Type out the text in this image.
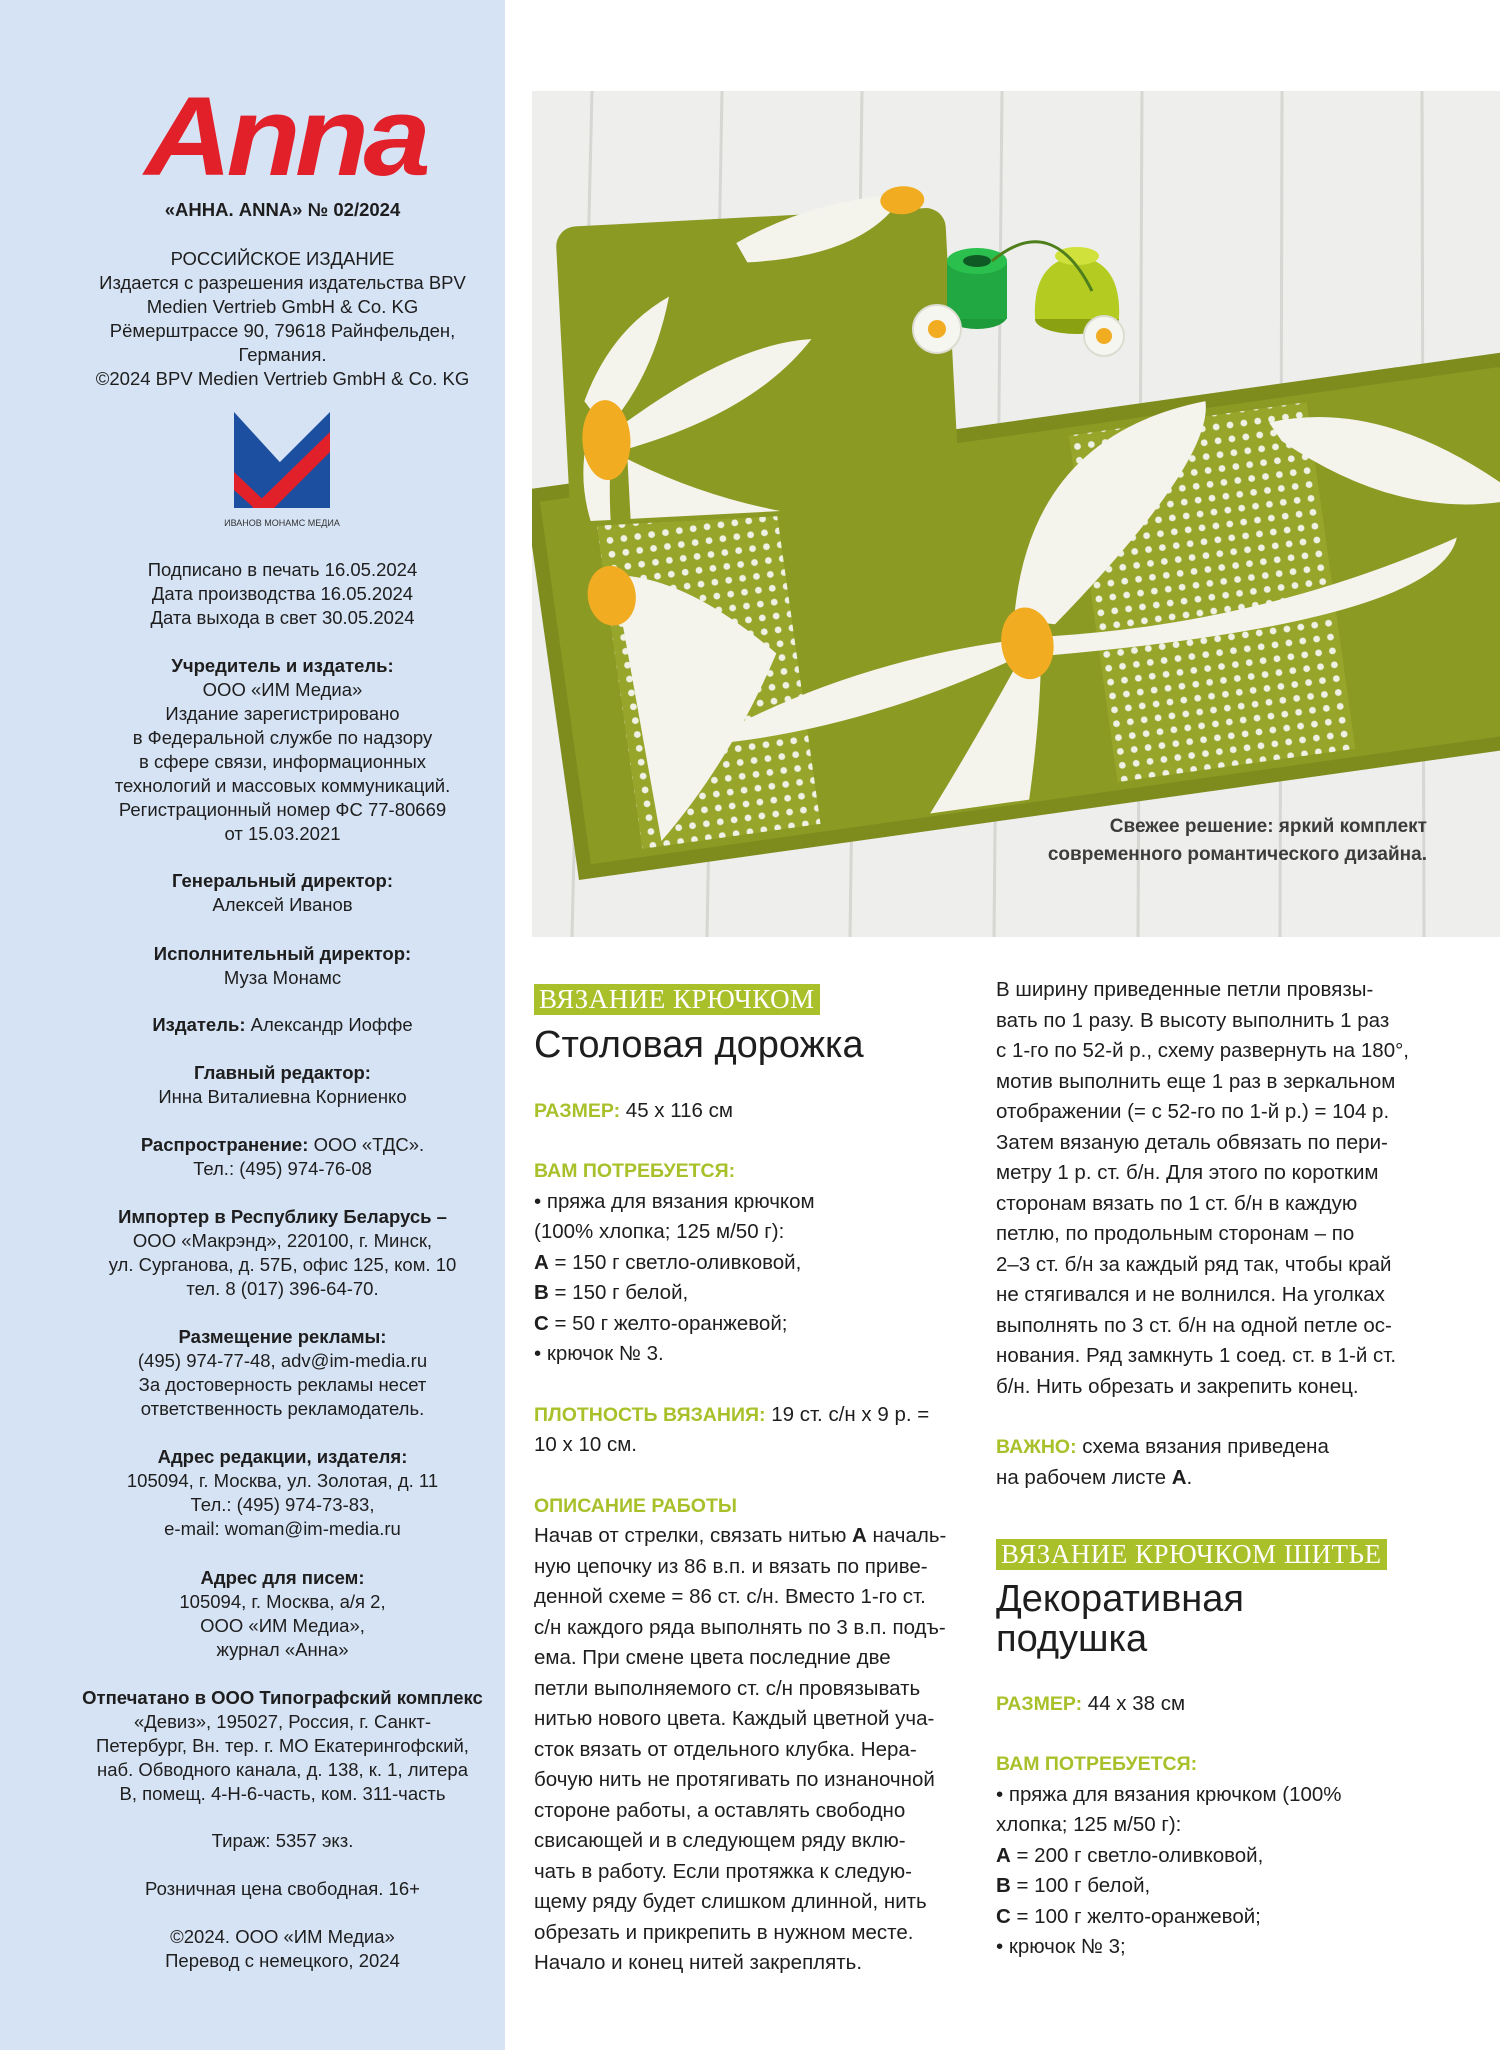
Anna

«АННА. ANNA» № 02/2024

РОССИЙСКОЕ ИЗДАНИЕ

Издается с разрешения издательства BPV

Medien Vertrieb GmbH & Co. KG

Рёмерштрассе 90, 79618 Райнфельден,

Германия.

©2024 BPV Medien Vertrieb GmbH & Co. KG

ИВАНОВ МОНАМС МЕДИА

Подписано в печать 16.05.2024

Дата производства 16.05.2024

Дата выхода в свет 30.05.2024

Учредитель и издатель:

ООО «ИМ Медиа»

Издание зарегистрировано

в Федеральной службе по надзору

в сфере связи, информационных

технологий и массовых коммуникаций.

Регистрационный номер ФС 77-80669

от 15.03.2021

Генеральный директор:

Алексей Иванов

Исполнительный директор:

Муза Монамс

Издатель: Александр Иоффе

Главный редактор:

Инна Виталиевна Корниенко

Распространение: ООО «ТДС».

Тел.: (495) 974-76-08

Импортер в Республику Беларусь –

ООО «Макрэнд», 220100, г. Минск,

ул. Сурганова, д. 57Б, офис 125, ком. 10

тел. 8 (017) 396-64-70.

Размещение рекламы:

(495) 974-77-48, adv@im-media.ru

За достоверность рекламы несет

ответственность рекламодатель.

Адрес редакции, издателя:

105094, г. Москва, ул. Золотая, д. 11

Тел.: (495) 974-73-83,

e-mail: woman@im-media.ru

Адрес для писем:

105094, г. Москва, а/я 2,

ООО «ИМ Медиа»,

журнал «Анна»

Отпечатано в ООО Типографский комплекс

«Девиз», 195027, Россия, г. Санкт-

Петербург, Вн. тер. г. МО Екатерингофский,

наб. Обводного канала, д. 138, к. 1, литера

В, помещ. 4-Н-6-часть, ком. 311-часть

Тираж: 5357 экз.

Розничная цена свободная. 16+

©2024. ООО «ИМ Медиа»

Перевод с немецкого, 2024

Свежее решение: яркий комплект

современного романтического дизайна.

ВЯЗАНИЕ КРЮЧКОМ
Столовая дорожка

РАЗМЕР: 45 х 116 см

ВАМ ПОТРЕБУЕТСЯ:

• пряжа для вязания крючком

(100% хлопка; 125 м/50 г):

A = 150 г светло-оливковой,

B = 150 г белой,

C = 50 г желто-оранжевой;

• крючок № 3.

ПЛОТНОСТЬ ВЯЗАНИЯ: 19 ст. с/н х 9 р. =

10 х 10 см.

ОПИСАНИЕ РАБОТЫ

Начав от стрелки, связать нитью A началь-

ную цепочку из 86 в.п. и вязать по приве-

денной схеме = 86 ст. с/н. Вместо 1-го ст.

с/н каждого ряда выполнять по 3 в.п. подъ-

ема. При смене цвета последние две

петли выполняемого ст. с/н провязывать

нитью нового цвета. Каждый цветной уча-

сток вязать от отдельного клубка. Нера-

бочую нить не протягивать по изнаночной

стороне работы, а оставлять свободно

свисающей и в следующем ряду вклю-

чать в работу. Если протяжка к следую-

щему ряду будет слишком длинной, нить

обрезать и прикрепить в нужном месте.

Начало и конец нитей закреплять.

В ширину приведенные петли провязы-

вать по 1 разу. В высоту выполнить 1 раз

с 1-го по 52-й р., схему развернуть на 180°,

мотив выполнить еще 1 раз в зеркальном

отображении (= с 52-го по 1-й р.) = 104 р.

Затем вязаную деталь обвязать по пери-

метру 1 р. ст. б/н. Для этого по коротким

сторонам вязать по 1 ст. б/н в каждую

петлю, по продольным сторонам – по

2–3 ст. б/н за каждый ряд так, чтобы край

не стягивался и не волнился. На уголках

выполнять по 3 ст. б/н на одной петле ос-

нования. Ряд замкнуть 1 соед. ст. в 1-й ст.

б/н. Нить обрезать и закрепить конец.

ВАЖНО: схема вязания приведена

на рабочем листе A.

ВЯЗАНИЕ КРЮЧКОМ ШИТЬЕ

Декоративная

подушка

РАЗМЕР: 44 х 38 см

ВАМ ПОТРЕБУЕТСЯ:

• пряжа для вязания крючком (100%

хлопка; 125 м/50 г):

A = 200 г светло-оливковой,

B = 100 г белой,

C = 100 г желто-оранжевой;

• крючок № 3;
